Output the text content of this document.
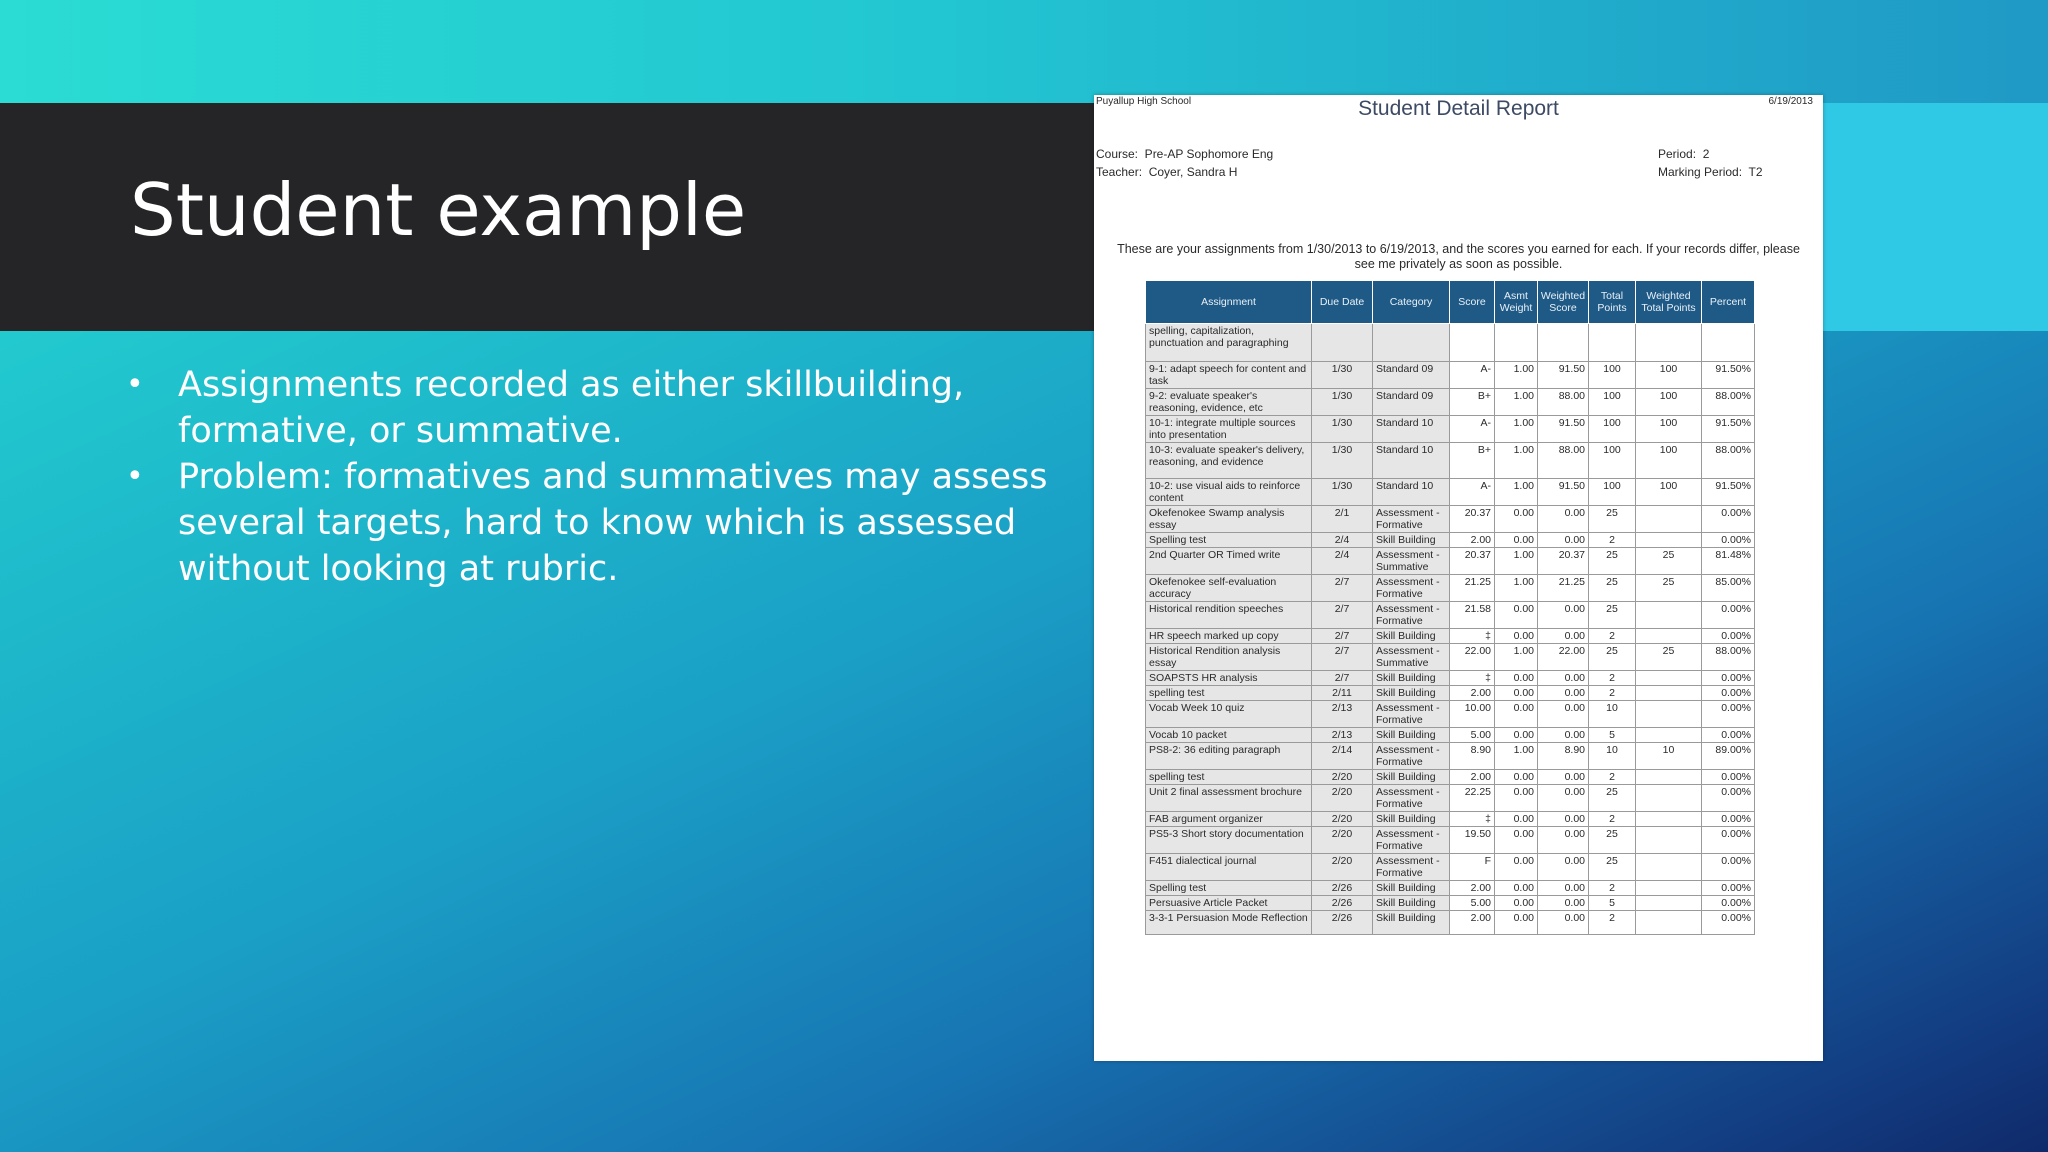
Student example
• Assignments recorded as either skillbuilding, formative, or summative.
• Problem: formatives and summatives may assess several targets, hard to know which is assessed without looking at rubric.
Puyallup High School	Student Detail Report	6/19/2013
Course:  Pre-AP Sophomore Eng
Teacher:  Coyer, Sandra H
Period:  2
Marking Period:  T2
These are your assignments from 1/30/2013 to 6/19/2013, and the scores you earned for each. If your records differ, please see me privately as soon as possible.
Assignment	Due Date	Category	Score	Asmt Weight	Weighted Score	Total Points	Weighted Total Points	Percent
spelling, capitalization, punctuation and paragraphing								
9-1: adapt speech for content and task	1/30	Standard 09	A-	1.00	91.50	100	100	91.50%
9-2: evaluate speaker's reasoning, evidence, etc	1/30	Standard 09	B+	1.00	88.00	100	100	88.00%
10-1: integrate multiple sources into presentation	1/30	Standard 10	A-	1.00	91.50	100	100	91.50%
10-3: evaluate speaker's delivery, reasoning, and evidence	1/30	Standard 10	B+	1.00	88.00	100	100	88.00%
10-2: use visual aids to reinforce content	1/30	Standard 10	A-	1.00	91.50	100	100	91.50%
Okefenokee Swamp analysis essay	2/1	Assessment - Formative	20.37	0.00	0.00	25		0.00%
Spelling test	2/4	Skill Building	2.00	0.00	0.00	2		0.00%
2nd Quarter OR Timed write	2/4	Assessment - Summative	20.37	1.00	20.37	25	25	81.48%
Okefenokee self-evaluation accuracy	2/7	Assessment - Formative	21.25	1.00	21.25	25	25	85.00%
Historical rendition speeches	2/7	Assessment - Formative	21.58	0.00	0.00	25		0.00%
HR speech marked up copy	2/7	Skill Building	‡	0.00	0.00	2		0.00%
Historical Rendition analysis essay	2/7	Assessment - Summative	22.00	1.00	22.00	25	25	88.00%
SOAPSTS HR analysis	2/7	Skill Building	‡	0.00	0.00	2		0.00%
spelling test	2/11	Skill Building	2.00	0.00	0.00	2		0.00%
Vocab Week 10 quiz	2/13	Assessment - Formative	10.00	0.00	0.00	10		0.00%
Vocab 10 packet	2/13	Skill Building	5.00	0.00	0.00	5		0.00%
PS8-2: 36 editing paragraph	2/14	Assessment - Formative	8.90	1.00	8.90	10	10	89.00%
spelling test	2/20	Skill Building	2.00	0.00	0.00	2		0.00%
Unit 2 final assessment brochure	2/20	Assessment - Formative	22.25	0.00	0.00	25		0.00%
FAB argument organizer	2/20	Skill Building	‡	0.00	0.00	2		0.00%
PS5-3 Short story documentation	2/20	Assessment - Formative	19.50	0.00	0.00	25		0.00%
F451 dialectical journal	2/20	Assessment - Formative	F	0.00	0.00	25		0.00%
Spelling test	2/26	Skill Building	2.00	0.00	0.00	2		0.00%
Persuasive Article Packet	2/26	Skill Building	5.00	0.00	0.00	5		0.00%
3-3-1 Persuasion Mode Reflection	2/26	Skill Building	2.00	0.00	0.00	2		0.00%
